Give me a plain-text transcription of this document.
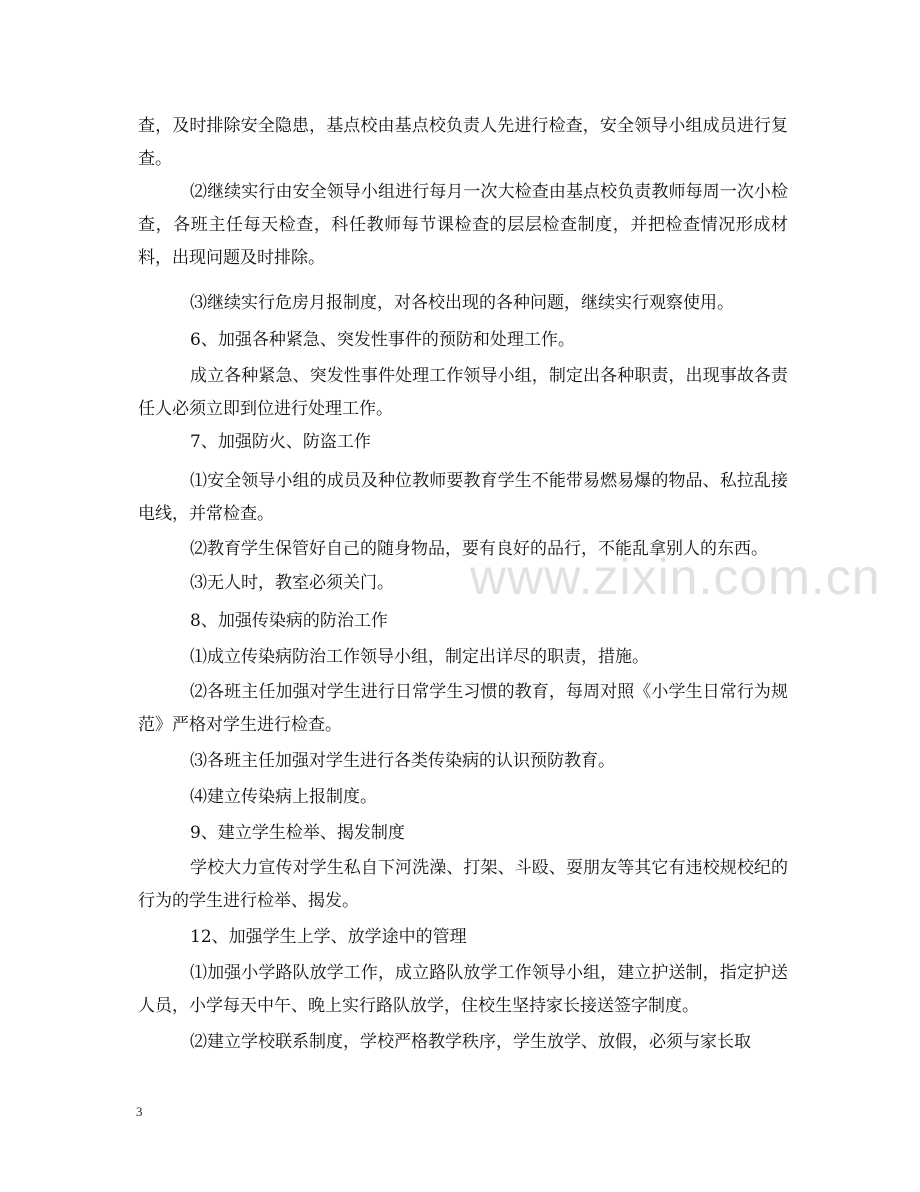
查，及时排除安全隐患，基点校由基点校负责人先进行检查，安全领导小组成员进行复查。

⑵继续实行由安全领导小组进行每月一次大检查由基点校负责教师每周一次小检查，各班主任每天检查，科任教师每节课检查的层层检查制度，并把检查情况形成材料，出现问题及时排除。

⑶继续实行危房月报制度，对各校出现的各种问题，继续实行观察使用。

6、加强各种紧急、突发性事件的预防和处理工作。

成立各种紧急、突发性事件处理工作领导小组，制定出各种职责，出现事故各责任人必须立即到位进行处理工作。

7、加强防火、防盗工作

⑴安全领导小组的成员及种位教师要教育学生不能带易燃易爆的物品、私拉乱接电线，并常检查。

⑵教育学生保管好自己的随身物品，要有良好的品行，不能乱拿别人的东西。

⑶无人时，教室必须关门。

8、加强传染病的防治工作

⑴成立传染病防治工作领导小组，制定出详尽的职责，措施。

⑵各班主任加强对学生进行日常学生习惯的教育，每周对照《小学生日常行为规范》严格对学生进行检查。

⑶各班主任加强对学生进行各类传染病的认识预防教育。

⑷建立传染病上报制度。

9、建立学生检举、揭发制度

学校大力宣传对学生私自下河洗澡、打架、斗殴、耍朋友等其它有违校规校纪的行为的学生进行检举、揭发。

12、加强学生上学、放学途中的管理

⑴加强小学路队放学工作，成立路队放学工作领导小组，建立护送制，指定护送人员，小学每天中午、晚上实行路队放学，住校生坚持家长接送签字制度。

⑵建立学校联系制度，学校严格教学秩序，学生放学、放假，必须与家长取

www.zixin.com.cn
3
